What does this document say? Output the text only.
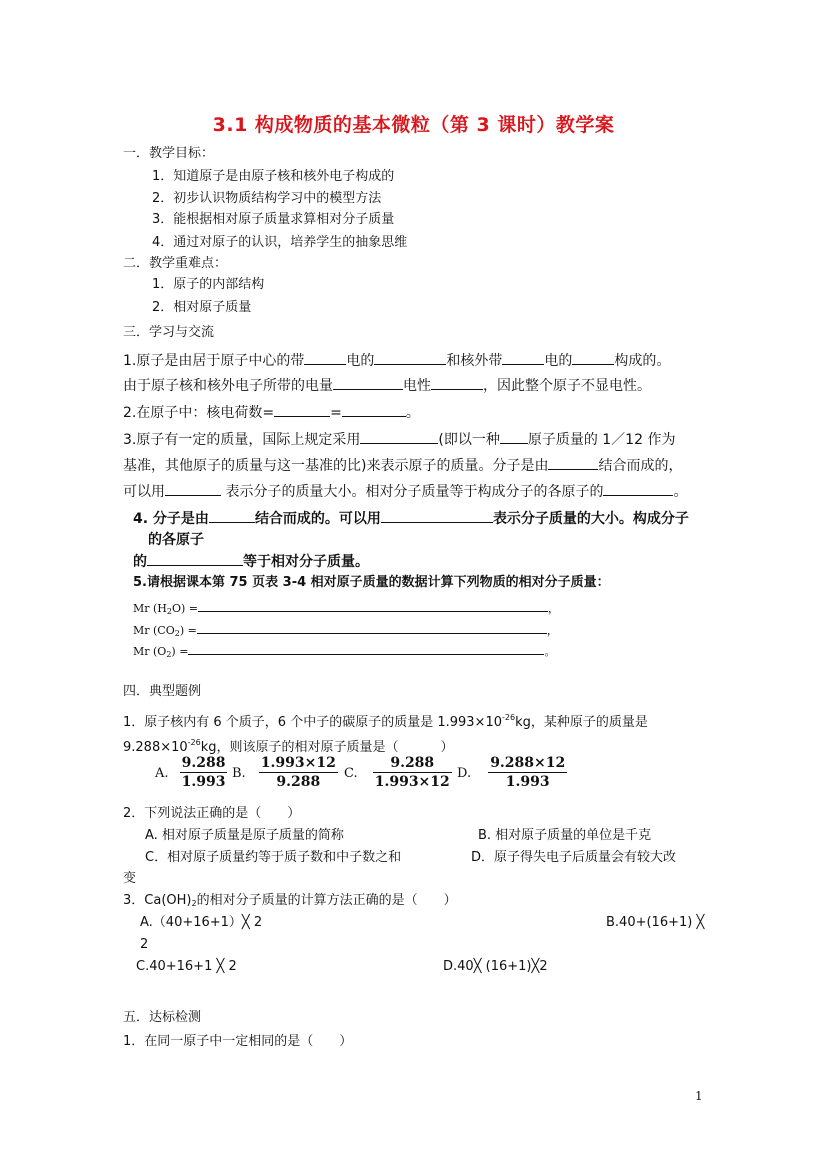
3.1 构成物质的基本微粒（第 3 课时）教学案
一．教学目标：
1．知道原子是由原子核和核外电子构成的
2．初步认识物质结构学习中的模型方法
3．能根据相对原子质量求算相对分子质量
4．通过对原子的认识，培养学生的抽象思维
二．教学重难点：
1．原子的内部结构
2．相对原子质量
三．学习与交流
1.原子是由居于原子中心的带	电的	和核外带	电的	构成的。
由于原子核和核外电子所带的电量	电性	，因此整个原子不显电性。
2.在原子中：核电荷数=	=	。
3.原子有一定的质量，国际上规定采用	(即以一种 原子质量的 1／12 作为
基准，其他原子的质量与这一基准的比)来表示原子的质量。分子是由	结合而成的，
可以用	表示分子的质量大小。相对分子质量等于构成分子的各原子的	。
4. 分子是由	结合而成的。可以用	表示分子质量的大小。构成分子
的各原子
的	等于相对分子质量。
5.请根据课本第 75 页表 3-4 相对原子质量的数据计算下列物质的相对分子质量：
Mr $(H_2O)$ =	，
Mr $(CO_2)$ =	，
Mr $(O_2)$ =	。
四．典型题例
1．原子核内有 6 个质子，6 个中子的碳原子的质量是 $1.993\times 10^{-26}kg$，某种原子的质量是
$9.288\times 10^{-26}kg$，则该原子的相对原子质量是（	）
A. $\frac{9.288}{1.993} B$. $\frac{1.993\times 12}{9.288} C$. $\frac{9.288}{1.993\times 12} D$. $\frac{9.288\times 12}{1.993}$
2．下列说法正确的是（　　）
A. 相对原子质量是原子质量的简称	B. 相对原子质量的单位是千克
C．相对原子质量约等于质子数和中子数之和	D．原子得失电子后质量会有较大改
变
3．$Ca(OH)_2$的相对分子质量的计算方法正确的是（　　）
A.（40+16+1）╳ 2	B.40+(16+1) ╳
2
C.40+16+1 ╳ 2	D.40╳ (16+1)╳2
五．达标检测
1．在同一原子中一定相同的是（　　）
1
